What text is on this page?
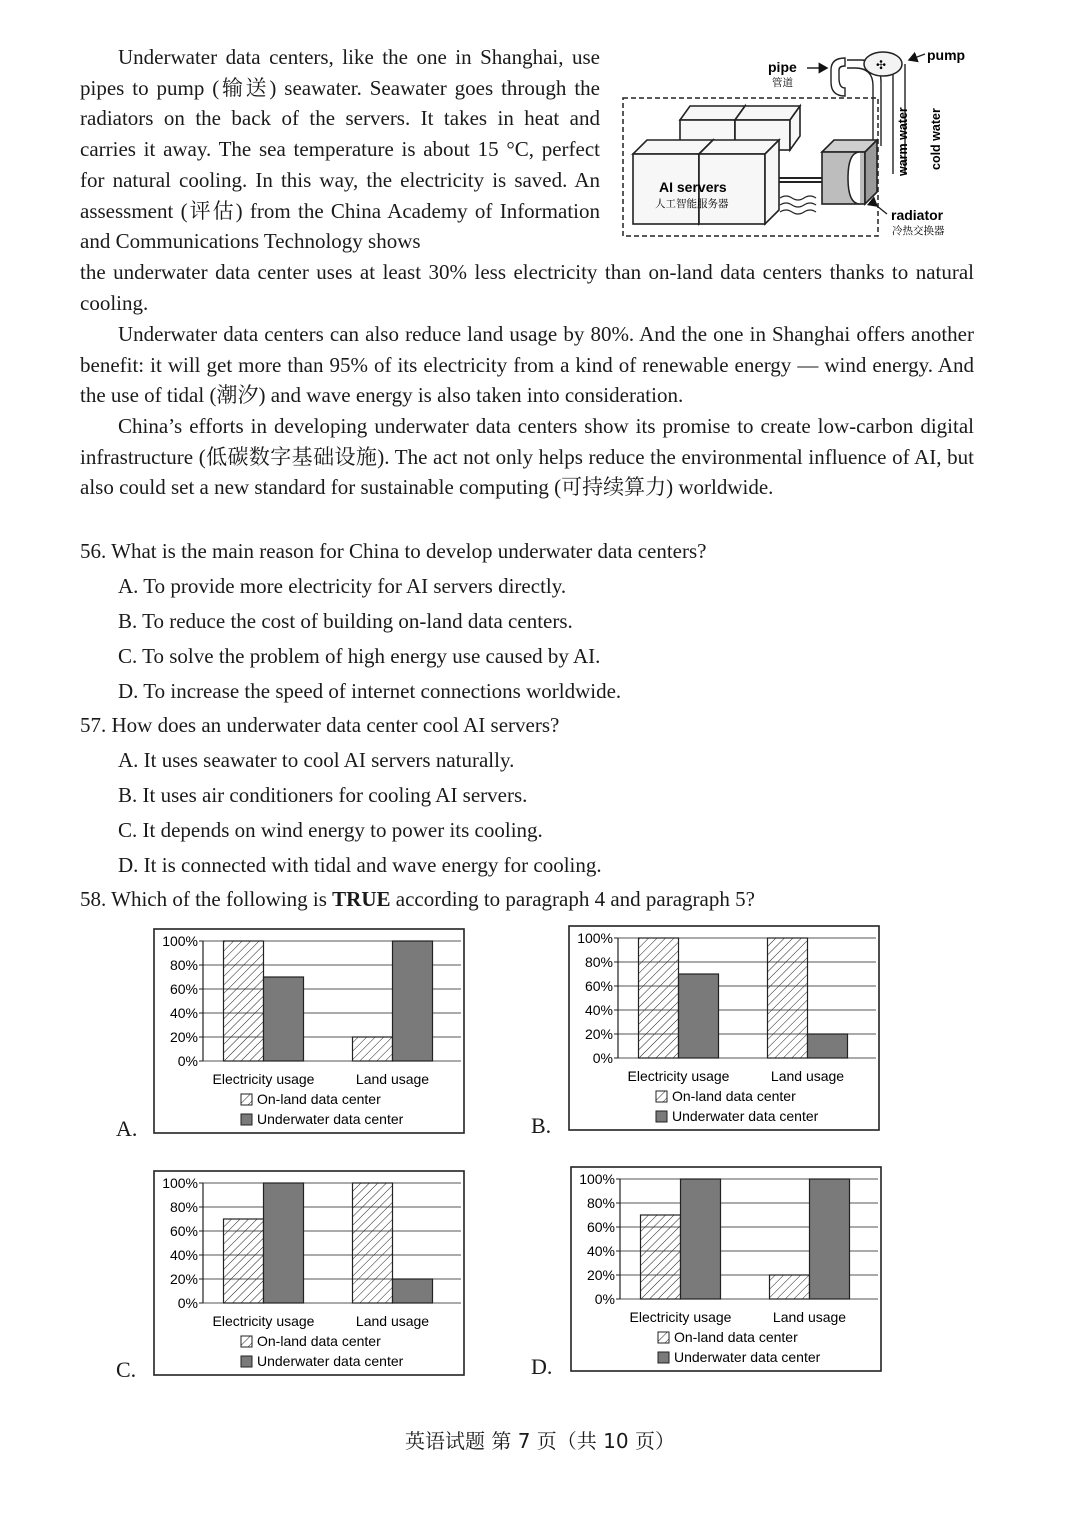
Underwater data centers, like the one in Shanghai, use pipes to pump (输送) seawater. Seawater goes through the radiators on the back of the servers. It takes in heat and carries it away. The sea temperature is about 15 °C, perfect for natural cooling. In this way, the electricity is saved. An assessment (评估) from the China Academy of Information and Communications Technology shows
the underwater data center uses at least 30% less electricity than on-land data centers thanks to natural cooling.

AI servers
人工智能服务器
✣
pump
pipe
管道
warm water cold water
radiator
冷热交换器

Underwater data centers can also reduce land usage by 80%. And the one in Shanghai offers another benefit: it will get more than 95% of its electricity from a kind of renewable energy — wind energy. And the use of tidal (潮汐) and wave energy is also taken into consideration.

China’s efforts in developing underwater data centers show its promise to create low-carbon digital infrastructure (低碳数字基础设施). The act not only helps reduce the environmental influence of AI, but also could set a new standard for sustainable computing (可持续算力) worldwide.

56. What is the main reason for China to develop underwater data centers?

A. To provide more electricity for AI servers directly.

B. To reduce the cost of building on-land data centers.

C. To solve the problem of high energy use caused by AI.

D. To increase the speed of internet connections worldwide.

57. How does an underwater data center cool AI servers?

A. It uses seawater to cool AI servers naturally.

B. It uses air conditioners for cooling AI servers.

C. It depends on wind energy to power its cooling.

D. It is connected with tidal and wave energy for cooling.

58. Which of the following is TRUE according to paragraph 4 and paragraph 5?

A.	B.
C.	D.
0%
20%
40%
60%
80%
100%
Electricity usage	Land usage
On-land data center
Underwater data center
0%
20%
40%
60%
80%
100%
Electricity usage	Land usage
On-land data center
Underwater data center
0%
20%
40%
60%
80%
100%
Electricity usage	Land usage
On-land data center
Underwater data center
0%
20%
40%
60%
80%
100%
Electricity usage	Land usage
On-land data center
Underwater data center
英语试题 第 7 页（共 10 页）
